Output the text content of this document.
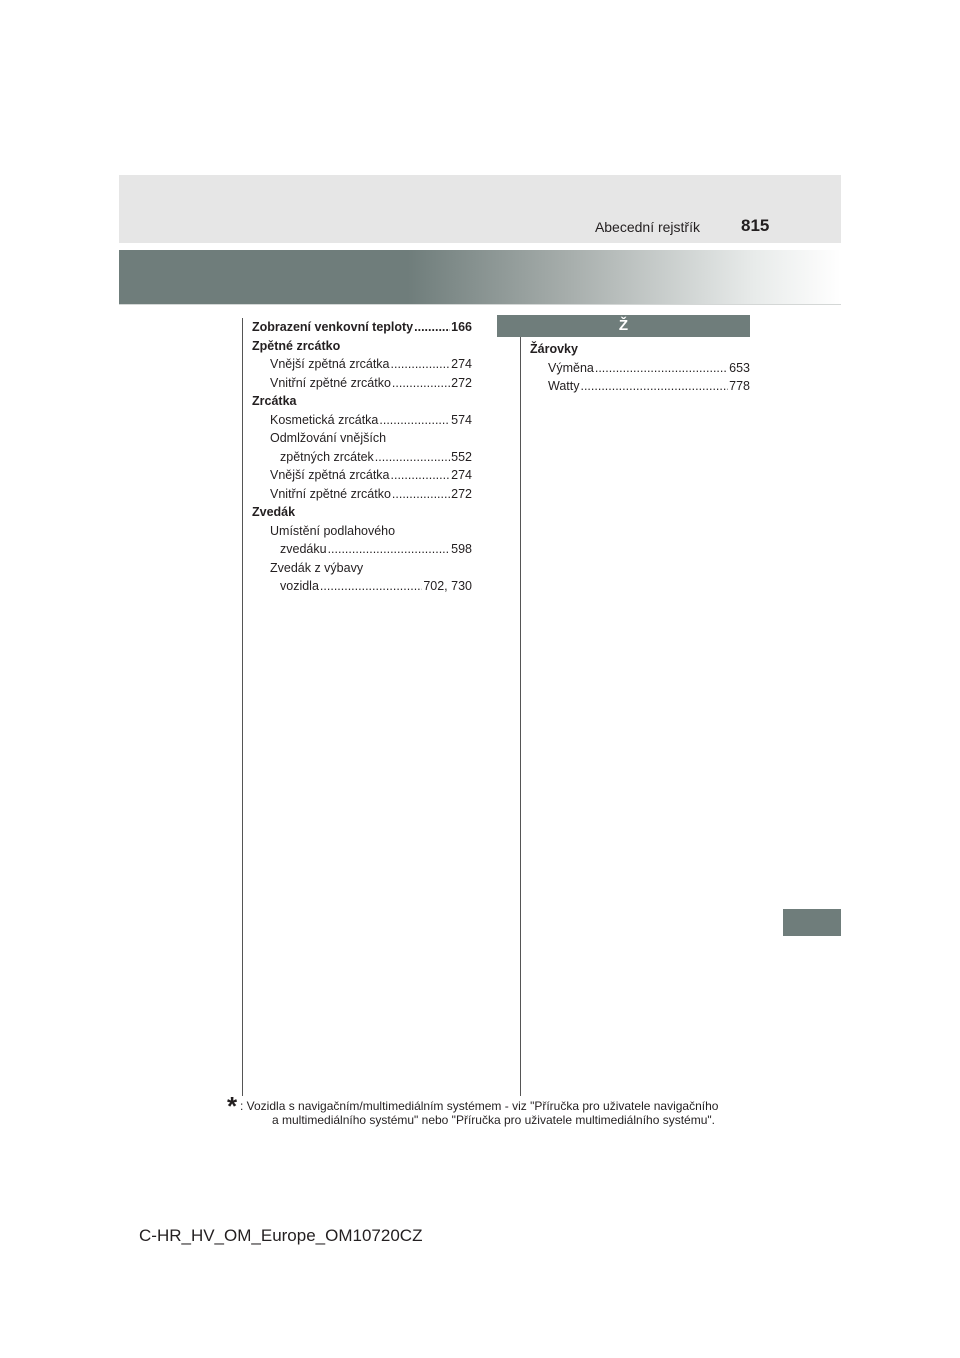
Abecední rejstřík 815
Zobrazení venkovní teploty .....	166
Zpětné zrcátko
Vnější zpětná zrcátka .....	274
Vnitřní zpětné zrcátko .....	272
Zrcátka
Kosmetická zrcátka .....	574
Odmlžování vnějších
zpětných zrcátek .....	552
Vnější zpětná zrcátka .....	274
Vnitřní zpětné zrcátko .....	272
Zvedák
Umístění podlahového
zvedáku .....	598
Zvedák z výbavy
vozidla .....	702, 730
Ž
Žárovky
Výměna .....	653
Watty .....	778
* : Vozidla s navigačním/multimediálním systémem - viz "Příručka pro uživatele navigačního
a multimediálního systému" nebo "Příručka pro uživatele multimediálního systému".
C-HR_HV_OM_Europe_OM10720CZ
